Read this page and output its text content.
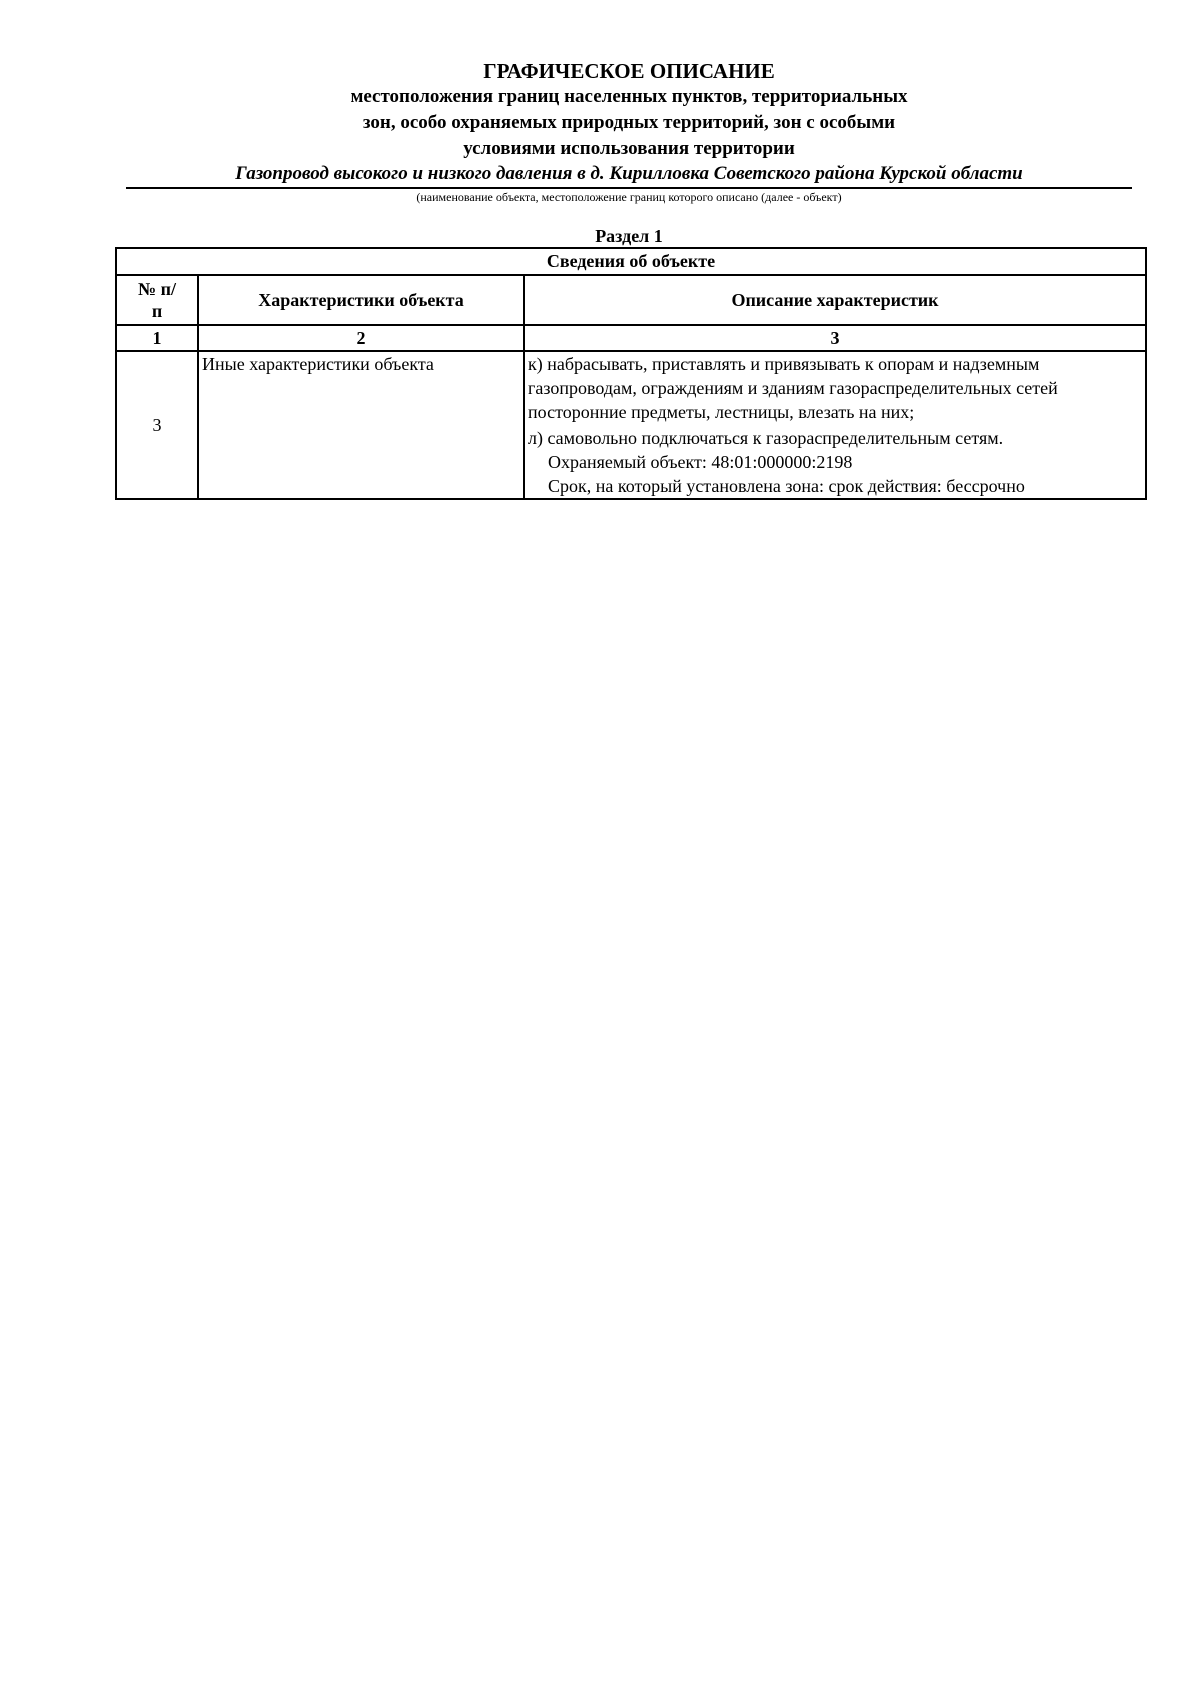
ГРАФИЧЕСКОЕ ОПИСАНИЕ
местоположения границ населенных пунктов, территориальных
зон, особо охраняемых природных территорий, зон с особыми
условиями использования территории
Газопровод высокого и низкого давления в д. Кирилловка Советского района Курской области
(наименование объекта, местоположение границ которого описано (далее - объект)
Раздел 1
Сведения об объекте		
№ п/п	Характеристики объекта	Описание характеристик
1	2	3
3	Иные характеристики объекта	к) набрасывать, приставлять и привязывать к опорам и надземным газопроводам, ограждениям и зданиям газораспределительных сетей посторонние предметы, лестницы, влезать на них;
л) самовольно подключаться к газораспределительным сетям.
Охраняемый объект: 48:01:000000:2198
Срок, на который установлена зона: срок действия: бессрочно
